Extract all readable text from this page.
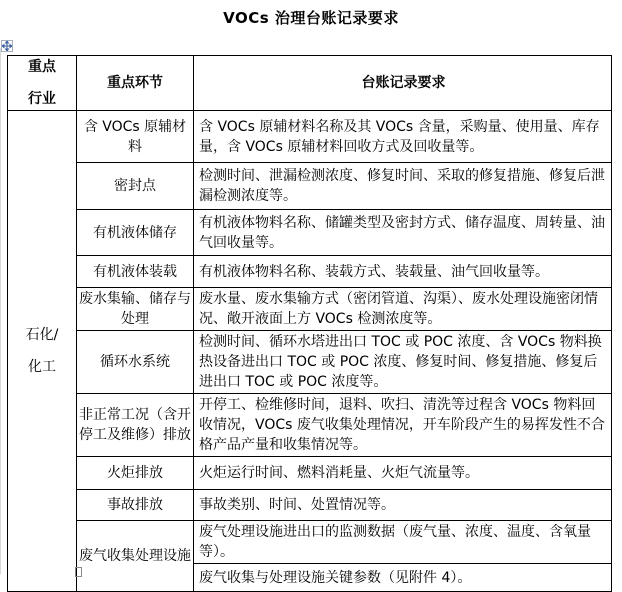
VOCs 治理台账记录要求
重点
行业	重点环节	台账记录要求

石化/
化工	含 VOCs 原辅材料	含 VOCs 原辅材料名称及其 VOCs 含量，采购量、使用量、库存量，含 VOCs 原辅材料回收方式及回收量等。
	密封点	检测时间、泄漏检测浓度、修复时间、采取的修复措施、修复后泄漏检测浓度等。
	有机液体储存	有机液体物料名称、储罐类型及密封方式、储存温度、周转量、油气回收量等。
	有机液体装载	有机液体物料名称、装载方式、装载量、油气回收量等。
	废水集输、储存与处理	废水量、废水集输方式（密闭管道、沟渠）、废水处理设施密闭情况、敞开液面上方 VOCs 检测浓度等。
	循环水系统	检测时间、循环水塔进出口 TOC 或 POC 浓度、含 VOCs 物料换热设备进出口 TOC 或 POC 浓度、修复时间、修复措施、修复后进出口 TOC 或 POC 浓度等。
	非正常工况（含开停工及维修）排放	开停工、检维修时间，退料、吹扫、清洗等过程含 VOCs 物料回收情况，VOCs 废气收集处理情况，开车阶段产生的易挥发性不合格产品产量和收集情况等。
	火炬排放	火炬运行时间、燃料消耗量、火炬气流量等。
	事故排放	事故类别、时间、处置情况等。
	废气收集处理设施	废气处理设施进出口的监测数据（废气量、浓度、温度、含氧量等）。
		废气收集与处理设施关键参数（见附件 4）。
